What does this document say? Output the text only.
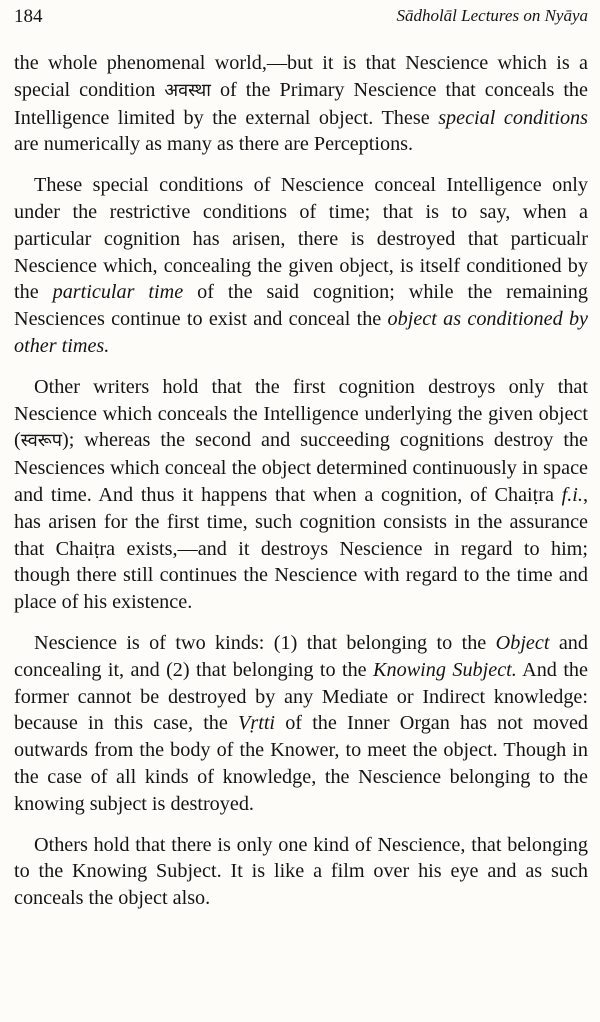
184	Sādholāl Lectures on Nyāya

the whole phenomenal world,—but it is that Nescience which is a special condition अवस्था of the Primary Nescience that conceals the Intelligence limited by the external object. These special conditions are numerically as many as there are Perceptions.

These special conditions of Nescience conceal Intelligence only under the restrictive conditions of time; that is to say, when a particular cognition has arisen, there is destroyed that particualr Nescience which, concealing the given object, is itself conditioned by the particular time of the said cognition; while the remaining Nesciences continue to exist and conceal the object as conditioned by other times.

Other writers hold that the first cognition destroys only that Nescience which conceals the Intelligence underlying the given object (स्वरूप); whereas the second and succeeding cognitions destroy the Nesciences which conceal the object determined continuously in space and time. And thus it happens that when a cognition, of Chaiṭra f.i., has arisen for the first time, such cognition consists in the assurance that Chaiṭra exists,—and it destroys Nescience in regard to him; though there still continues the Nescience with regard to the time and place of his existence.

Nescience is of two kinds: (1) that belonging to the Object and concealing it, and (2) that belonging to the Knowing Subject. And the former cannot be destroyed by any Mediate or Indirect knowledge: because in this case, the Vṛtti of the Inner Organ has not moved outwards from the body of the Knower, to meet the object. Though in the case of all kinds of knowledge, the Nescience belonging to the knowing subject is destroyed.

Others hold that there is only one kind of Nescience, that belonging to the Knowing Subject. It is like a film over his eye and as such conceals the object also.
